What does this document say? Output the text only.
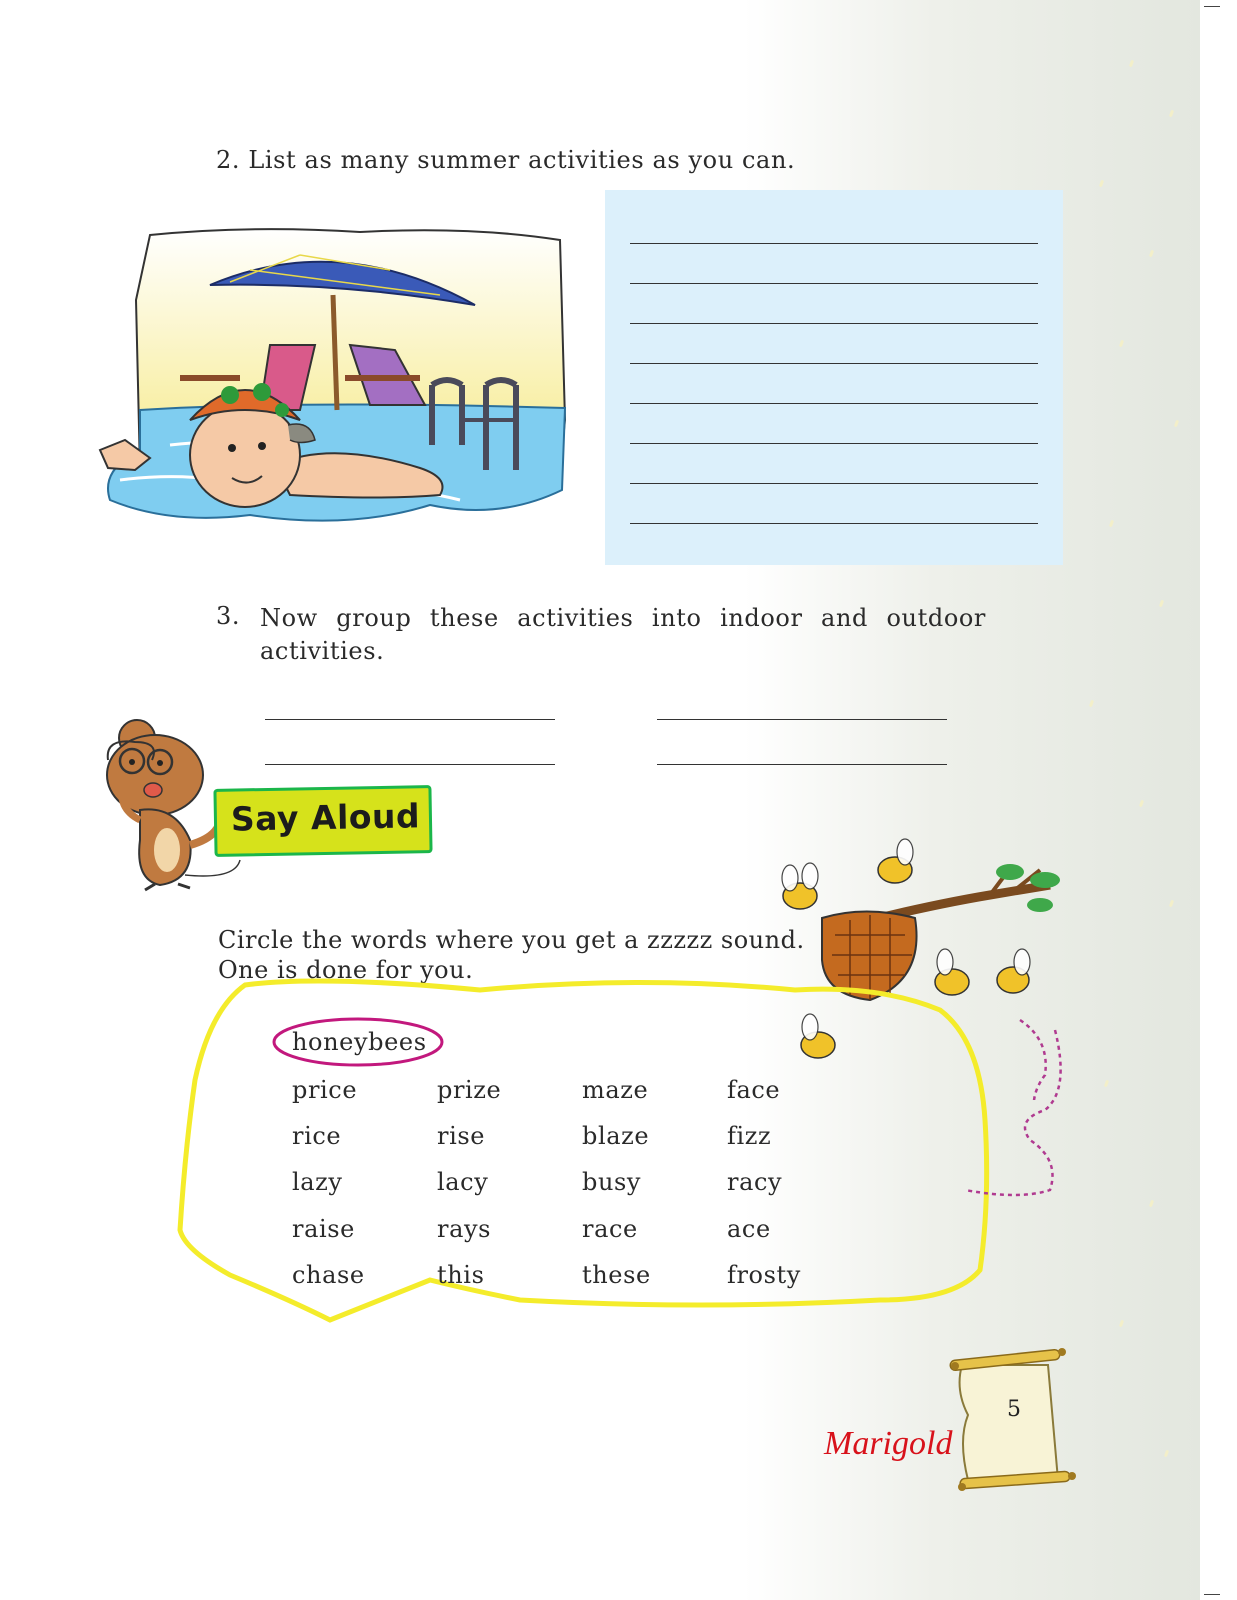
2. List as many summer activities as you can.
3. Now group these activities into indoor and outdoor activities.
Say Aloud
Circle the words where you get a zzzzz sound.
One is done for you.
honeybees
price	prize	maze	face
rice	rise	blaze	fizz
lazy	lacy	busy	racy
raise	rays	race	ace
chase	this	these	frosty
5
Marigold
